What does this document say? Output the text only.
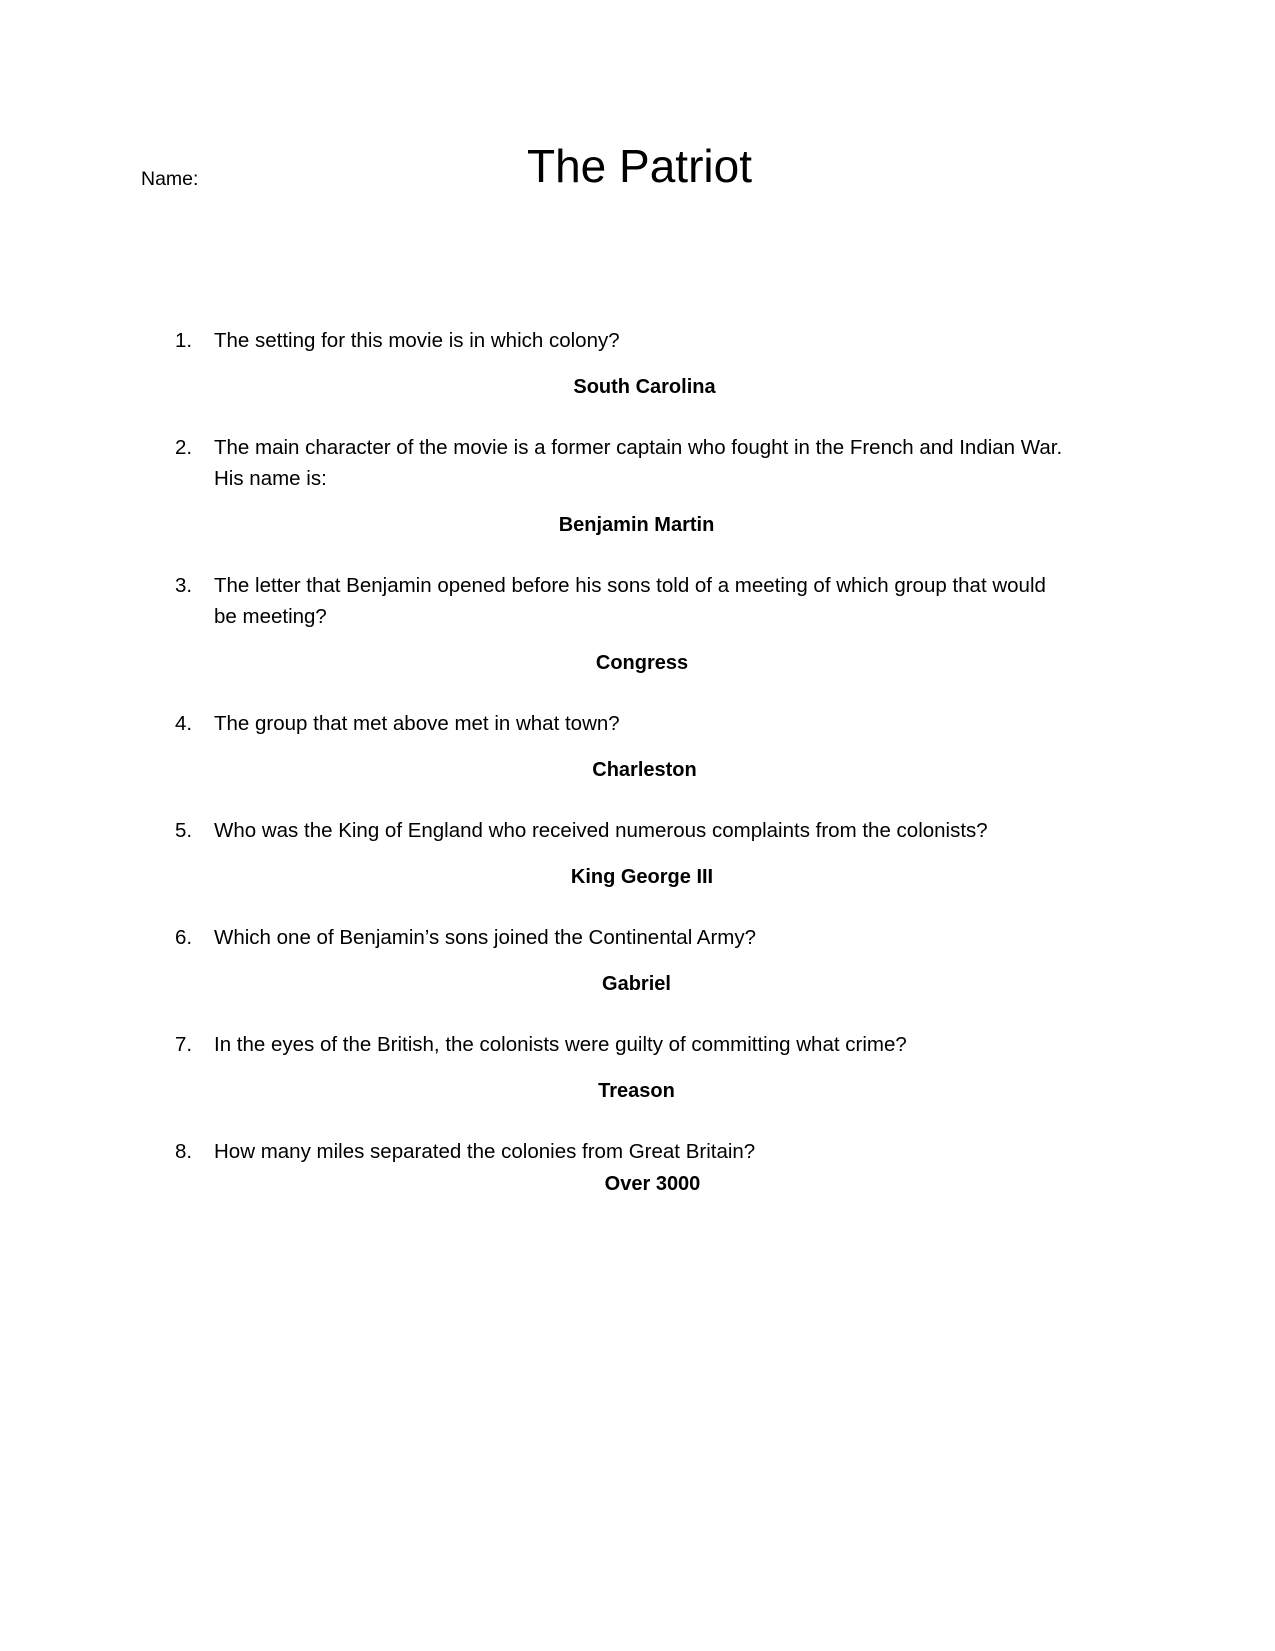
Name:	The Patriot
1.	The setting for this movie is in which colony?
South Carolina
2.	The main character of the movie is a former captain who fought in the French and Indian War. His name is:
Benjamin Martin
3.	The letter that Benjamin opened before his sons told of a meeting of which group that would be meeting?
Congress
4.	The group that met above met in what town?
Charleston
5.	Who was the King of England who received numerous complaints from the colonists?
King George III
6.	Which one of Benjamin’s sons joined the Continental Army?
Gabriel
7.	In the eyes of the British, the colonists were guilty of committing what crime?
Treason
8.	How many miles separated the colonies from Great Britain?
Over 3000
